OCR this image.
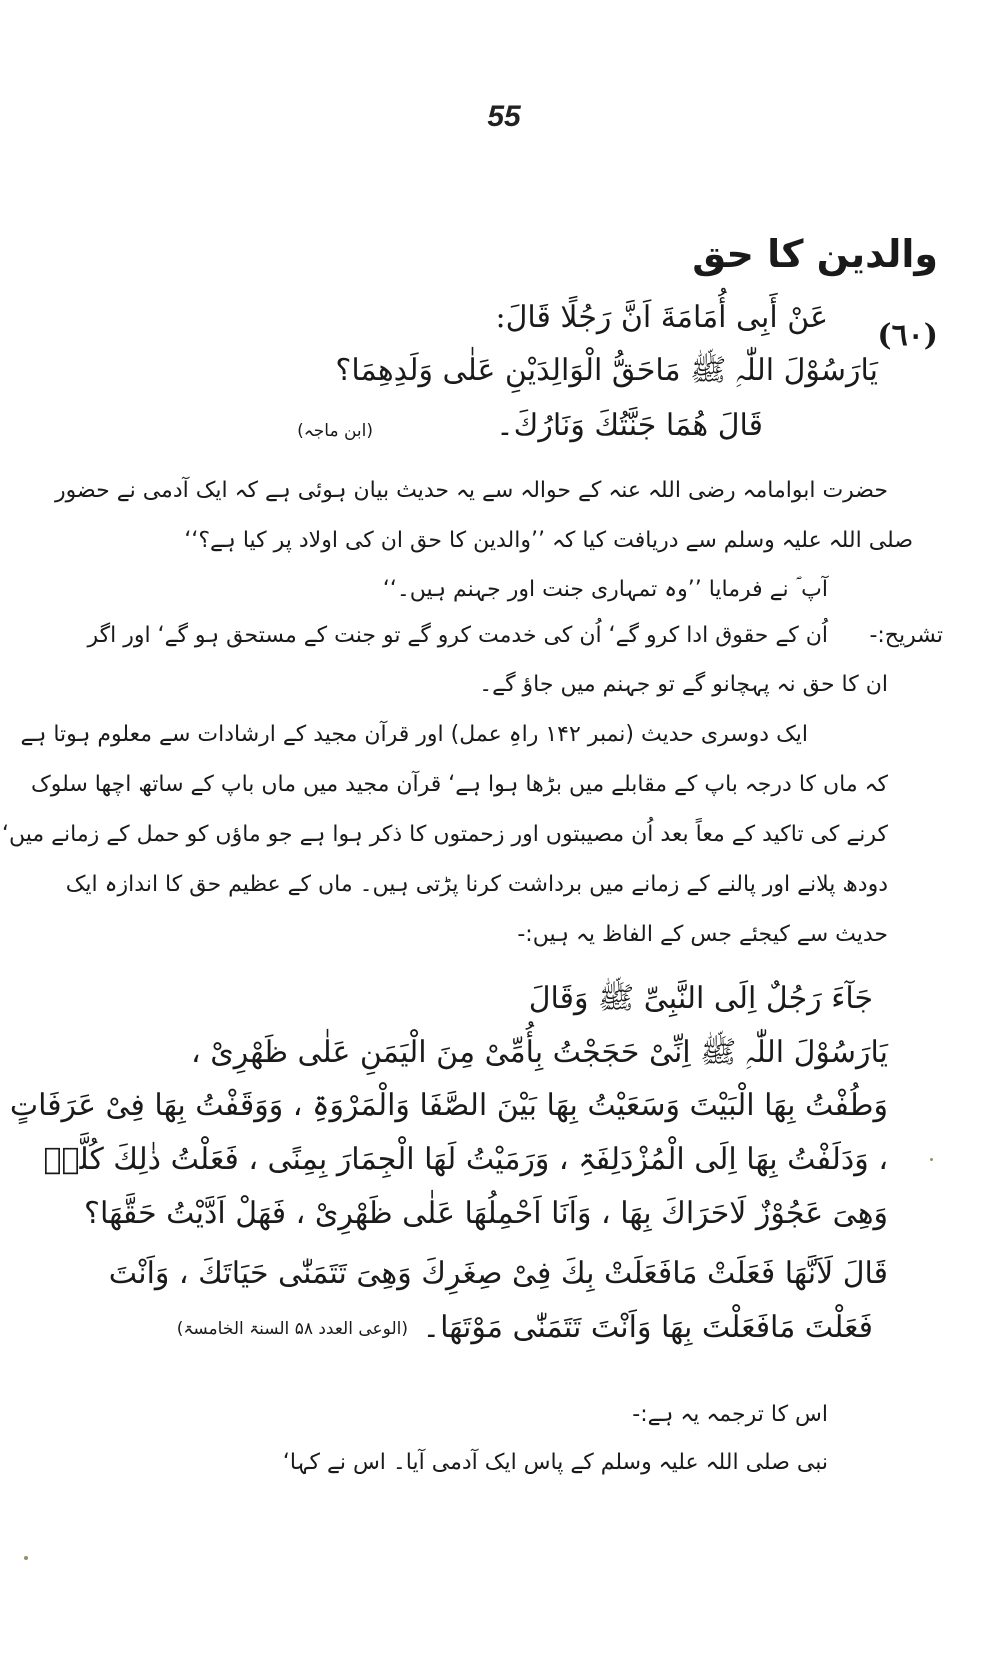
55
والدین کا حق
(٦٠)
عَنْ أَبِی أُمَامَةَ اَنَّ رَجُلًا قَالَ:
یَارَسُوْلَ اللّٰہِ ﷺ مَاحَقُّ الْوَالِدَیْنِ عَلٰی وَلَدِھِمَا؟
قَالَ ھُمَا جَنَّتُكَ وَنَارُكَ۔
(ابن ماجہ)
حضرت ابوامامہ رضی اللہ عنہ کے حوالہ سے یہ حدیث بیان ہوئی ہے کہ ایک آدمی نے حضور
صلی اللہ علیہ وسلم سے دریافت کیا کہ ’’والدین کا حق ان کی اولاد پر کیا ہے؟‘‘
آپ ؐ نے فرمایا ’’وہ تمہاری جنت اور جہنم ہیں۔‘‘
تشریح:-
اُن کے حقوق ادا کرو گے‘ اُن کی خدمت کرو گے تو جنت کے مستحق ہو گے‘ اور اگر
ان کا حق نہ پہچانو گے تو جہنم میں جاؤ گے۔
ایک دوسری حدیث (نمبر ۱۴۲ راہِ عمل) اور قرآن مجید کے ارشادات سے معلوم ہوتا ہے
کہ ماں کا درجہ باپ کے مقابلے میں بڑھا ہوا ہے‘ قرآن مجید میں ماں باپ کے ساتھ اچھا سلوک
کرنے کی تاکید کے معاً بعد اُن مصیبتوں اور زحمتوں کا ذکر ہوا ہے جو ماؤں کو حمل کے زمانے میں‘
دودھ پلانے اور پالنے کے زمانے میں برداشت کرنا پڑتی ہیں۔ ماں کے عظیم حق کا اندازہ ایک
حدیث سے کیجئے جس کے الفاظ یہ ہیں:-
جَآءَ رَجُلٌ اِلَی النَّبِیِّ ﷺ وَقَالَ
یَارَسُوْلَ اللّٰہِ ﷺ اِنِّیْ حَجَجْتُ بِأُمِّیْ مِنَ الْیَمَنِ عَلٰی ظَھْرِیْ ،
وَطُفْتُ بِھَا الْبَیْتَ وَسَعَیْتُ بِھَا بَیْنَ الصَّفَا وَالْمَرْوَۃِ ، وَوَقَفْتُ بِھَا فِیْ عَرَفَاتٍ
، وَدَلَفْتُ بِھَا اِلَی الْمُزْدَلِفَۃِ ، وَرَمَیْتُ لَھَا الْجِمَارَ بِمِنًی ، فَعَلْتُ ذٰلِكَ کُلَّہٗ
وَھِیَ عَجُوْزٌ لَاحَرَاكَ بِھَا ، وَاَنَا اَحْمِلُھَا عَلٰی ظَھْرِیْ ، فَھَلْ اَدَّیْتُ حَقَّھَا؟
قَالَ لَاَنَّھَا فَعَلَتْ مَافَعَلَتْ بِكَ فِیْ صِغَرِكَ وَھِیَ تَتَمَنّٰی حَیَاتَكَ ، وَاَنْتَ
فَعَلْتَ مَافَعَلْتَ بِھَا وَاَنْتَ تَتَمَنّٰی مَوْتَھَا۔
(الوعی العدد ۵۸ السنۃ الخامسۃ)
اس کا ترجمہ یہ ہے:-
نبی صلی اللہ علیہ وسلم کے پاس ایک آدمی آیا۔ اس نے کہا‘
